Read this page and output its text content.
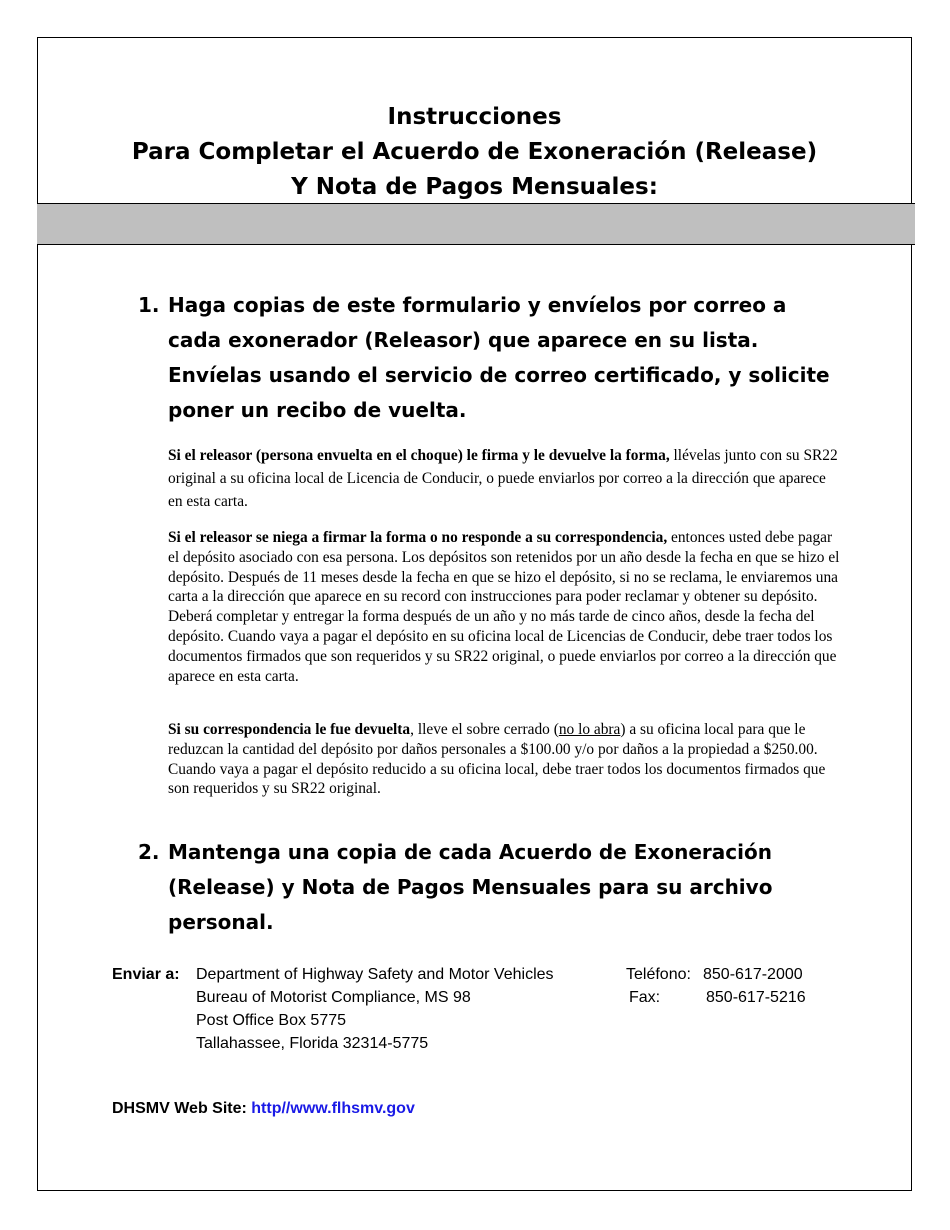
Instrucciones
Para Completar el Acuerdo de Exoneración (Release)
Y Nota de Pagos Mensuales:
1. Haga copias de este formulario y envíelos por correo a cada exonerador (Releasor) que aparece en su lista. Envíelas usando el servicio de correo certificado, y solicite poner un recibo de vuelta.
Si el releasor (persona envuelta en el choque) le firma y le devuelve la forma, llévelas junto con su SR22 original a su oficina local de Licencia de Conducir, o puede enviarlos por correo a la dirección que aparece en esta carta.
Si el releasor se niega a firmar la forma o no responde a su correspondencia, entonces usted debe pagar el depósito asociado con esa persona. Los depósitos son retenidos por un año desde la fecha en que se hizo el depósito. Después de 11 meses desde la fecha en que se hizo el depósito, si no se reclama, le enviaremos una carta a la dirección que aparece en su record con instrucciones para poder reclamar y obtener su depósito. Deberá completar y entregar la forma después de un año y no más tarde de cinco años, desde la fecha del depósito. Cuando vaya a pagar el depósito en su oficina local de Licencias de Conducir, debe traer todos los documentos firmados que son requeridos y su SR22 original, o puede enviarlos por correo a la dirección que aparece en esta carta.
Si su correspondencia le fue devuelta, lleve el sobre cerrado (no lo abra) a su oficina local para que le reduzcan la cantidad del depósito por daños personales a $100.00 y/o por daños a la propiedad a $250.00. Cuando vaya a pagar el depósito reducido a su oficina local, debe traer todos los documentos firmados que son requeridos y su SR22 original.
2. Mantenga una copia de cada Acuerdo de Exoneración (Release) y Nota de Pagos Mensuales para su archivo personal.
Enviar a: Department of Highway Safety and Motor Vehicles
Bureau of Motorist Compliance, MS 98
Post Office Box 5775
Tallahassee, Florida 32314-5775
Teléfono: 850-617-2000
Fax:	850-617-5216
DHSMV Web Site: http//www.flhsmv.gov
